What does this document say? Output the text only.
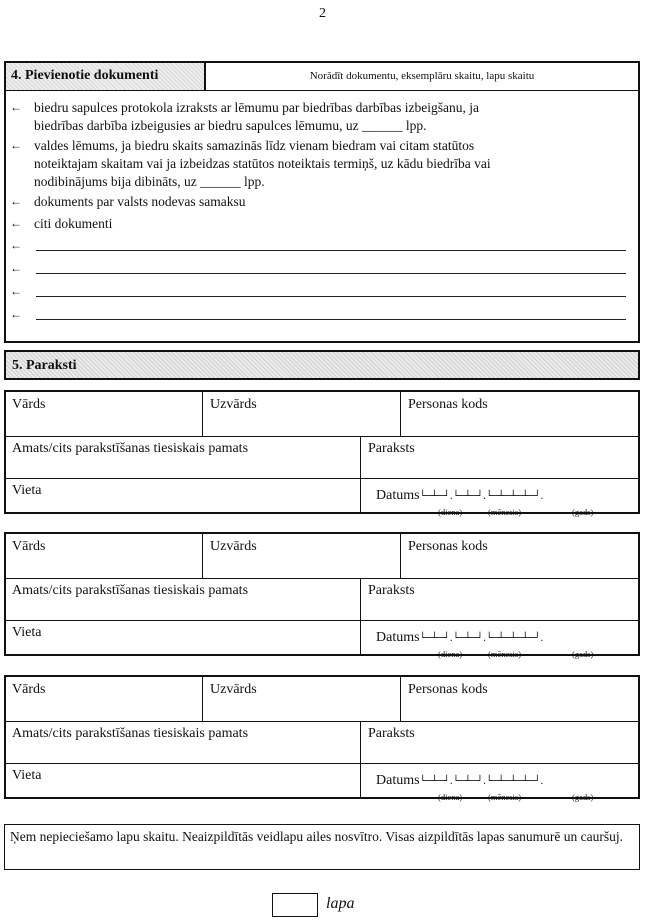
2
4. Pievienotie dokumenti	Norādīt dokumentu, eksemplāru skaitu, lapu skaitu
← biedru sapulces protokola izraksts ar lēmumu par biedrības darbības izbeigšanu, ja
biedrības darbība izbeigusies ar biedru sapulces lēmumu, uz ______ lpp.
← valdes lēmums, ja biedru skaits samazinās līdz vienam biedram vai citam statūtos
noteiktajam skaitam vai ja izbeidzas statūtos noteiktais termiņš, uz kādu biedrība vai
nodibinājums bija dibināts, uz ______ lpp.
← dokuments par valsts nodevas samaksu
← citi dokumenti
←
←
←
←
5. Paraksti
Vārds	Uzvārds	Personas kods
Amats/cits parakstīšanas tiesiskais pamats	Paraksts
Vieta	Datums└─┴─┘.└─┴─┘.└─┴─┴─┴─┘.
(diena)	(mēnesis)	(gads)
Vārds	Uzvārds	Personas kods
Amats/cits parakstīšanas tiesiskais pamats	Paraksts
Vieta	Datums└─┴─┘.└─┴─┘.└─┴─┴─┴─┘.
(diena)	(mēnesis)	(gads)
Vārds	Uzvārds	Personas kods
Amats/cits parakstīšanas tiesiskais pamats	Paraksts
Vieta	Datums└─┴─┘.└─┴─┘.└─┴─┴─┴─┘.
(diena)	(mēnesis)	(gads)
Ņem nepieciešamo lapu skaitu. Neaizpildītās veidlapu ailes nosvītro. Visas aizpildītās lapas sanumurē un cauršuj.
lapa
